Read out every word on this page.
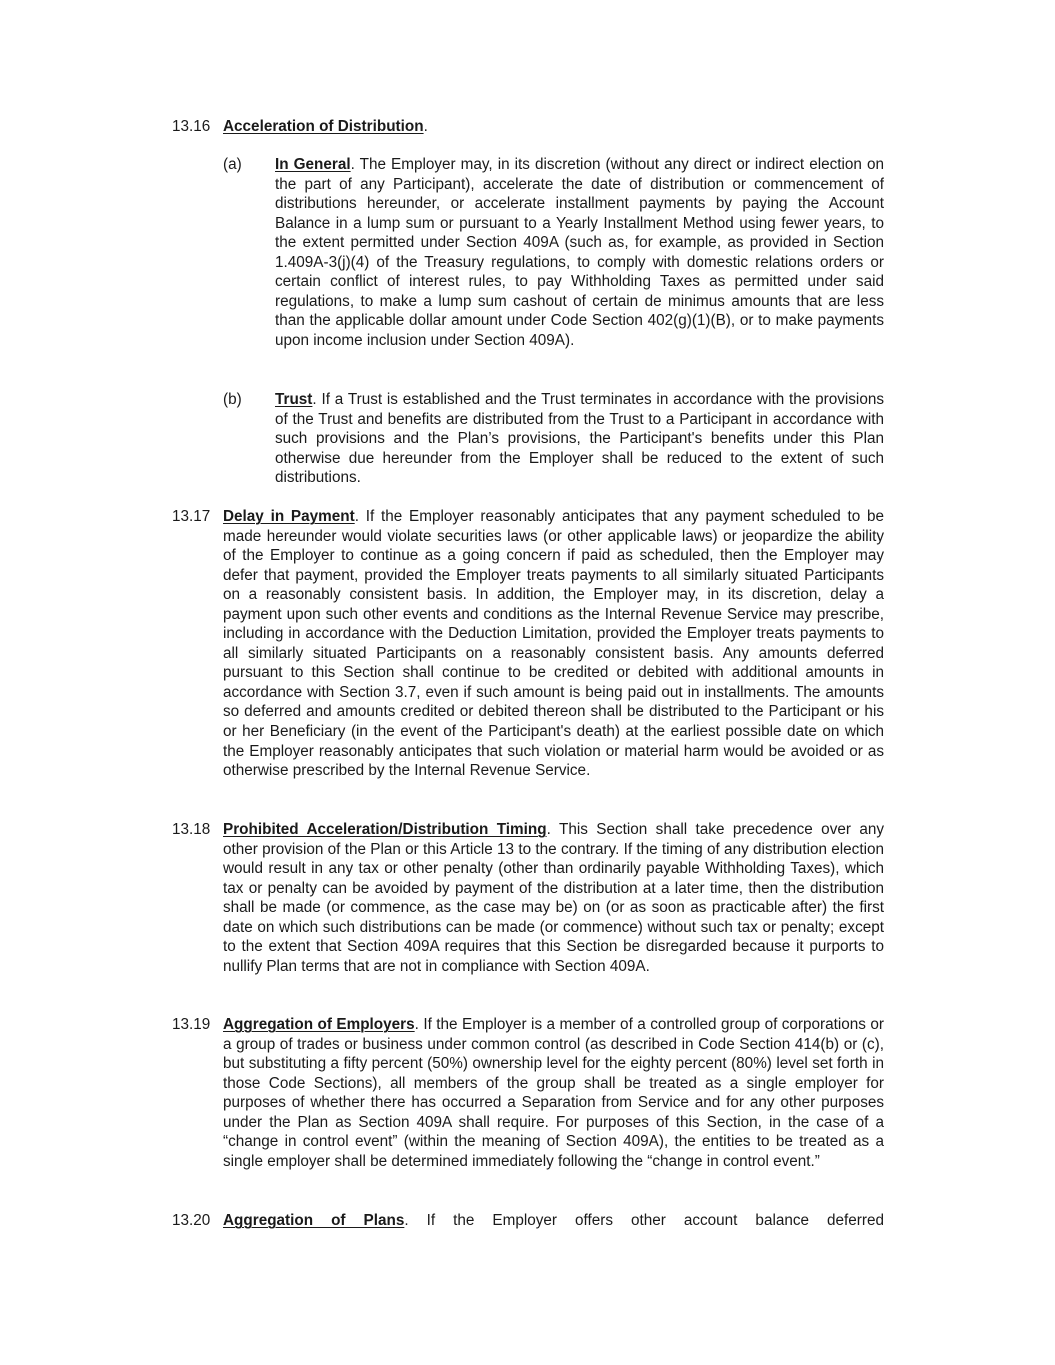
13.16 Acceleration of Distribution.
(a) In General. The Employer may, in its discretion (without any direct or indirect election on the part of any Participant), accelerate the date of distribution or commencement of distributions hereunder, or accelerate installment payments by paying the Account Balance in a lump sum or pursuant to a Yearly Installment Method using fewer years, to the extent permitted under Section 409A (such as, for example, as provided in Section 1.409A-3(j)(4) of the Treasury regulations, to comply with domestic relations orders or certain conflict of interest rules, to pay Withholding Taxes as permitted under said regulations, to make a lump sum cashout of certain de minimus amounts that are less than the applicable dollar amount under Code Section 402(g)(1)(B), or to make payments upon income inclusion under Section 409A).
(b) Trust. If a Trust is established and the Trust terminates in accordance with the provisions of the Trust and benefits are distributed from the Trust to a Participant in accordance with such provisions and the Plan’s provisions, the Participant's benefits under this Plan otherwise due hereunder from the Employer shall be reduced to the extent of such distributions.
13.17 Delay in Payment. If the Employer reasonably anticipates that any payment scheduled to be made hereunder would violate securities laws (or other applicable laws) or jeopardize the ability of the Employer to continue as a going concern if paid as scheduled, then the Employer may defer that payment, provided the Employer treats payments to all similarly situated Participants on a reasonably consistent basis. In addition, the Employer may, in its discretion, delay a payment upon such other events and conditions as the Internal Revenue Service may prescribe, including in accordance with the Deduction Limitation, provided the Employer treats payments to all similarly situated Participants on a reasonably consistent basis. Any amounts deferred pursuant to this Section shall continue to be credited or debited with additional amounts in accordance with Section 3.7, even if such amount is being paid out in installments. The amounts so deferred and amounts credited or debited thereon shall be distributed to the Participant or his or her Beneficiary (in the event of the Participant's death) at the earliest possible date on which the Employer reasonably anticipates that such violation or material harm would be avoided or as otherwise prescribed by the Internal Revenue Service.
13.18 Prohibited Acceleration/Distribution Timing. This Section shall take precedence over any other provision of the Plan or this Article 13 to the contrary. If the timing of any distribution election would result in any tax or other penalty (other than ordinarily payable Withholding Taxes), which tax or penalty can be avoided by payment of the distribution at a later time, then the distribution shall be made (or commence, as the case may be) on (or as soon as practicable after) the first date on which such distributions can be made (or commence) without such tax or penalty; except to the extent that Section 409A requires that this Section be disregarded because it purports to nullify Plan terms that are not in compliance with Section 409A.
13.19 Aggregation of Employers. If the Employer is a member of a controlled group of corporations or a group of trades or business under common control (as described in Code Section 414(b) or (c), but substituting a fifty percent (50%) ownership level for the eighty percent (80%) level set forth in those Code Sections), all members of the group shall be treated as a single employer for purposes of whether there has occurred a Separation from Service and for any other purposes under the Plan as Section 409A shall require. For purposes of this Section, in the case of a “change in control event” (within the meaning of Section 409A), the entities to be treated as a single employer shall be determined immediately following the “change in control event.”
13.20 Aggregation of Plans. If the Employer offers other account balance deferred
